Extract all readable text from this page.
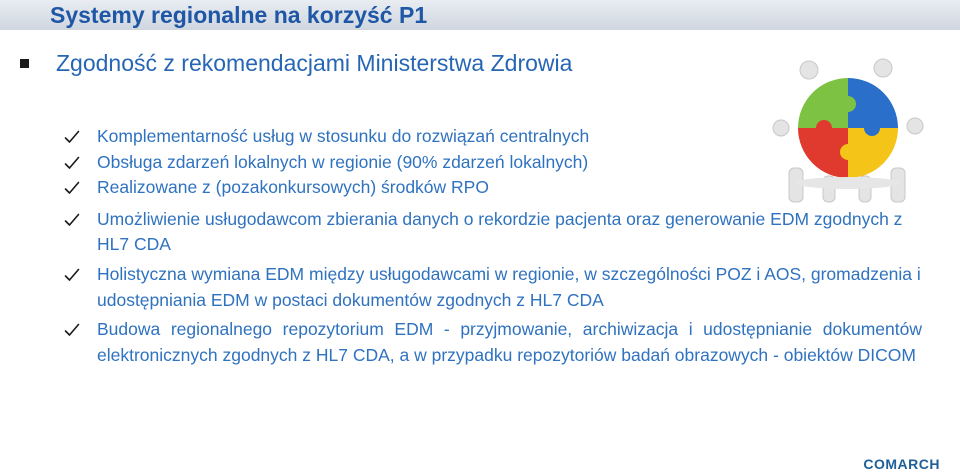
Systemy regionalne na korzyść P1
Zgodność z rekomendacjami Ministerstwa Zdrowia
Komplementarność usług w stosunku do rozwiązań centralnych
Obsługa zdarzeń lokalnych w regionie (90% zdarzeń lokalnych)
Realizowane z (pozakonkursowych) środków RPO
Umożliwienie usługodawcom zbierania danych o rekordzie pacjenta oraz generowanie EDM zgodnych z HL7 CDA
Holistyczna wymiana EDM między usługodawcami w regionie, w szczególności POZ i AOS, gromadzenia i udostępniania EDM w postaci dokumentów zgodnych z HL7 CDA
Budowa regionalnego repozytorium EDM - przyjmowanie, archiwizacja i udostępnianie dokumentów elektronicznych zgodnych z HL7 CDA, a w przypadku repozytoriów badań obrazowych - obiektów DICOM
COMARCH
